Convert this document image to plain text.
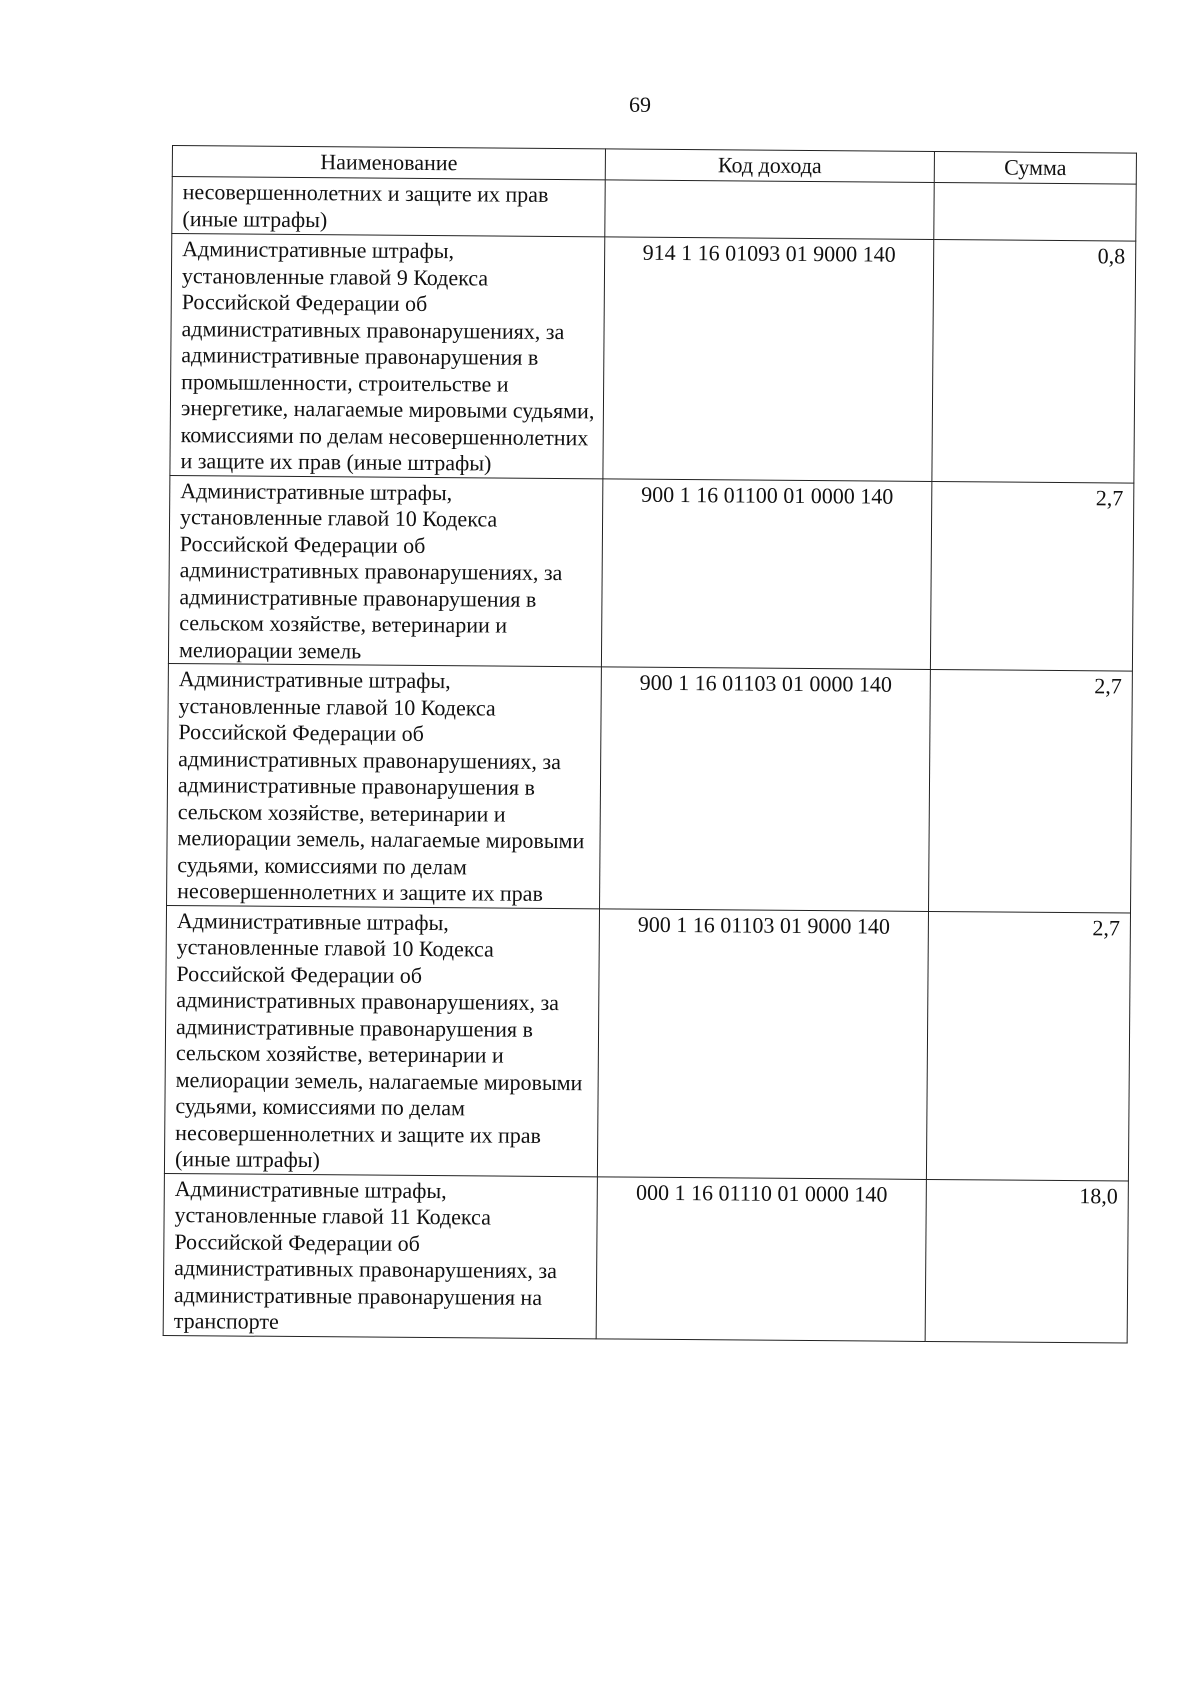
69
Наименование	Код дохода	Сумма
несовершеннолетних и защите их прав (иные штрафы)		
Административные штрафы, установленные главой 9 Кодекса Российской Федерации об административных правонарушениях, за административные правонарушения в промышленности, строительстве и энергетике, налагаемые мировыми судьями, комиссиями по делам несовершеннолетних и защите их прав (иные штрафы)	914 1 16 01093 01 9000 140	0,8
Административные штрафы, установленные главой 10 Кодекса Российской Федерации об административных правонарушениях, за административные правонарушения в сельском хозяйстве, ветеринарии и мелиорации земель	900 1 16 01100 01 0000 140	2,7
Административные штрафы, установленные главой 10 Кодекса Российской Федерации об административных правонарушениях, за административные правонарушения в сельском хозяйстве, ветеринарии и мелиорации земель, налагаемые мировыми судьями, комиссиями по делам несовершеннолетних и защите их прав	900 1 16 01103 01 0000 140	2,7
Административные штрафы, установленные главой 10 Кодекса Российской Федерации об административных правонарушениях, за административные правонарушения в сельском хозяйстве, ветеринарии и мелиорации земель, налагаемые мировыми судьями, комиссиями по делам несовершеннолетних и защите их прав (иные штрафы)	900 1 16 01103 01 9000 140	2,7
Административные штрафы, установленные главой 11 Кодекса Российской Федерации об административных правонарушениях, за административные правонарушения на транспорте	000 1 16 01110 01 0000 140	18,0
